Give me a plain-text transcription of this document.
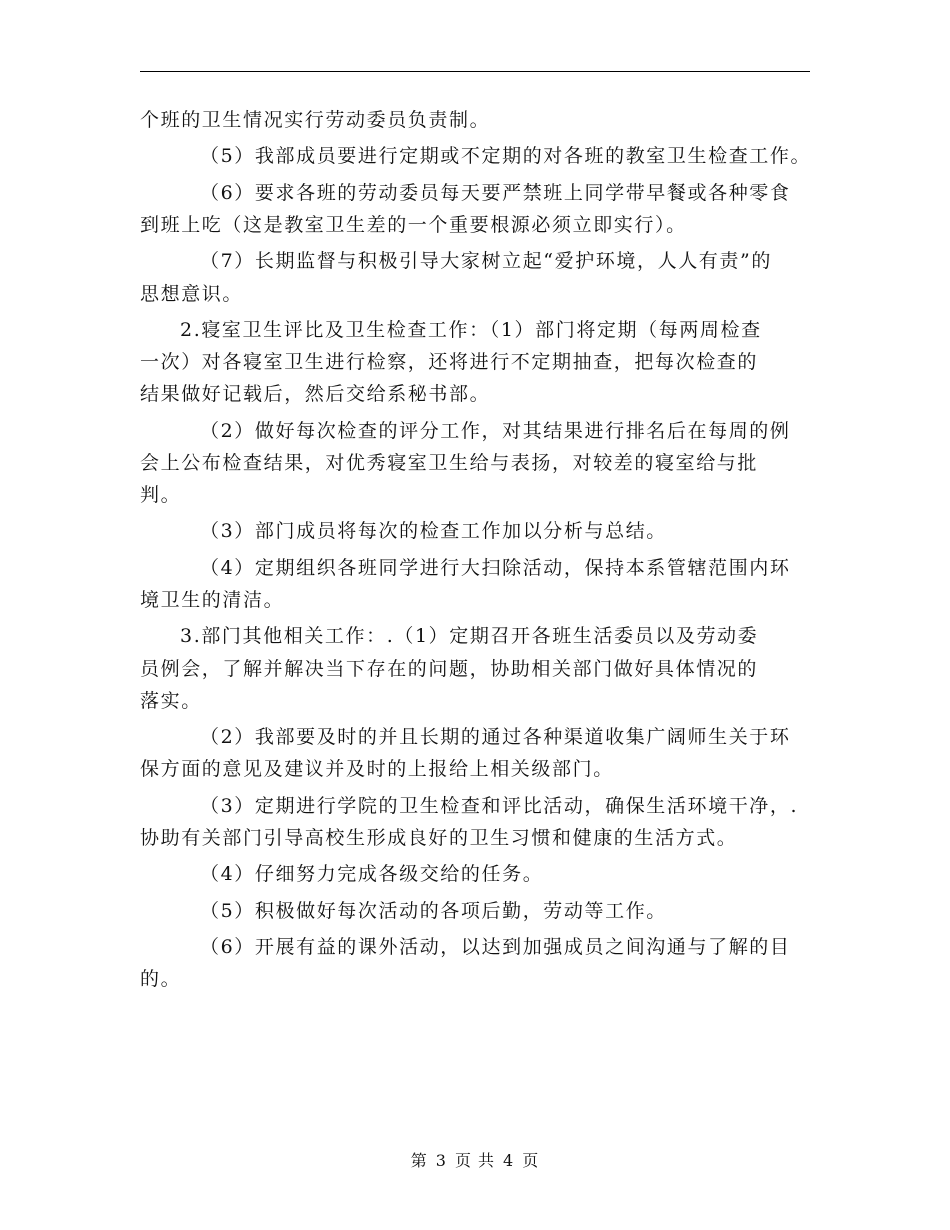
个班的卫生情况实行劳动委员负责制。
（5）我部成员要进行定期或不定期的对各班的教室卫生检查工作。
（6）要求各班的劳动委员每天要严禁班上同学带早餐或各种零食
到班上吃（这是教室卫生差的一个重要根源必须立即实行）。
（7）长期监督与积极引导大家树立起“爱护环境，人人有责”的
思想意识。
2.寝室卫生评比及卫生检查工作：（1）部门将定期（每两周检查
一次）对各寝室卫生进行检察，还将进行不定期抽查，把每次检查的
结果做好记载后，然后交给系秘书部。
（2）做好每次检查的评分工作，对其结果进行排名后在每周的例
会上公布检查结果，对优秀寝室卫生给与表扬，对较差的寝室给与批
判。
（3）部门成员将每次的检查工作加以分析与总结。
（4）定期组织各班同学进行大扫除活动，保持本系管辖范围内环
境卫生的清洁。
3.部门其他相关工作：.（1）定期召开各班生活委员以及劳动委
员例会，了解并解决当下存在的问题，协助相关部门做好具体情况的
落实。
（2）我部要及时的并且长期的通过各种渠道收集广阔师生关于环
保方面的意见及建议并及时的上报给上相关级部门。
（3）定期进行学院的卫生检查和评比活动，确保生活环境干净，.
协助有关部门引导高校生形成良好的卫生习惯和健康的生活方式。
（4）仔细努力完成各级交给的任务。
（5）积极做好每次活动的各项后勤，劳动等工作。
（6）开展有益的课外活动，以达到加强成员之间沟通与了解的目
的。
第 3 页 共 4 页
